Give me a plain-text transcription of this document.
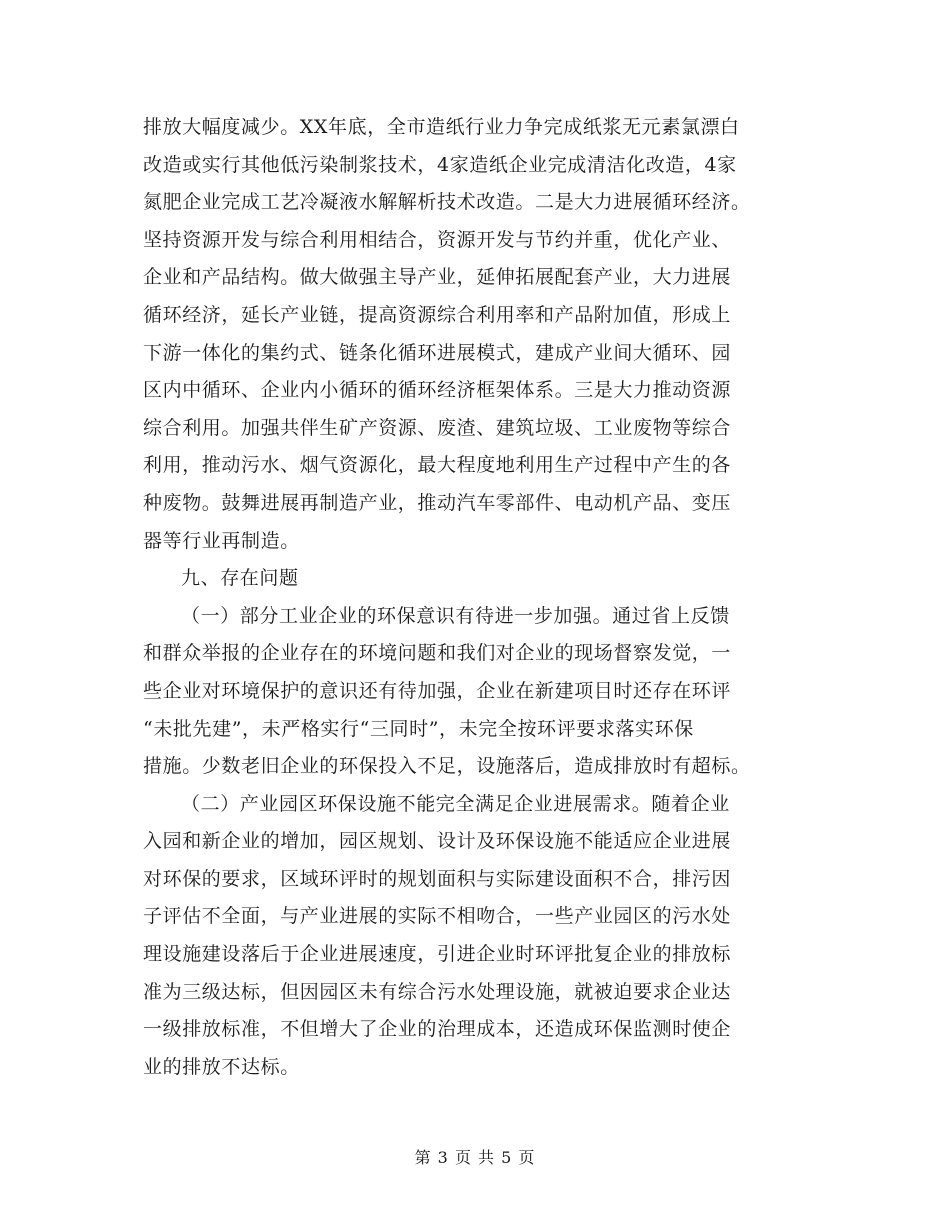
排放大幅度减少。XX年底，全市造纸行业力争完成纸浆无元素氯漂白
改造或实行其他低污染制浆技术，4家造纸企业完成清洁化改造，4家
氮肥企业完成工艺冷凝液水解解析技术改造。二是大力进展循环经济。
坚持资源开发与综合利用相结合，资源开发与节约并重，优化产业、
企业和产品结构。做大做强主导产业，延伸拓展配套产业，大力进展
循环经济，延长产业链，提高资源综合利用率和产品附加值，形成上
下游一体化的集约式、链条化循环进展模式，建成产业间大循环、园
区内中循环、企业内小循环的循环经济框架体系。三是大力推动资源
综合利用。加强共伴生矿产资源、废渣、建筑垃圾、工业废物等综合
利用，推动污水、烟气资源化，最大程度地利用生产过程中产生的各
种废物。鼓舞进展再制造产业，推动汽车零部件、电动机产品、变压
器等行业再制造。
九、存在问题
（一）部分工业企业的环保意识有待进一步加强。通过省上反馈
和群众举报的企业存在的环境问题和我们对企业的现场督察发觉，一
些企业对环境保护的意识还有待加强，企业在新建项目时还存在环评
“未批先建”，未严格实行“三同时”，未完全按环评要求落实环保
措施。少数老旧企业的环保投入不足，设施落后，造成排放时有超标。
（二）产业园区环保设施不能完全满足企业进展需求。随着企业
入园和新企业的增加，园区规划、设计及环保设施不能适应企业进展
对环保的要求，区域环评时的规划面积与实际建设面积不合，排污因
子评估不全面，与产业进展的实际不相吻合，一些产业园区的污水处
理设施建设落后于企业进展速度，引进企业时环评批复企业的排放标
准为三级达标，但因园区未有综合污水处理设施，就被迫要求企业达
一级排放标准，不但增大了企业的治理成本，还造成环保监测时使企
业的排放不达标。
第 3 页 共 5 页
